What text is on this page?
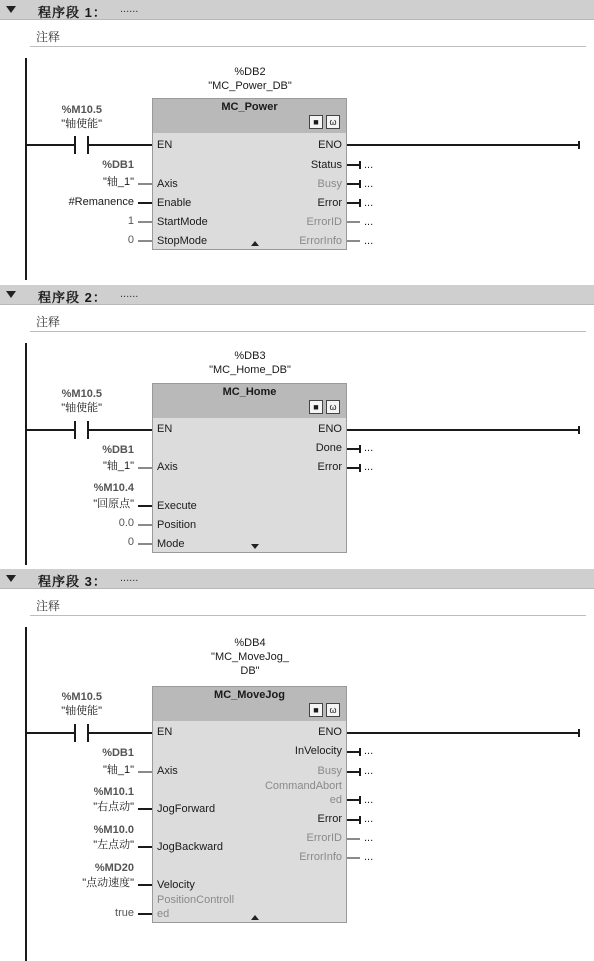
程序段 1： ......
注释
%DB2
"MC_Power_DB"
%M10.5
"轴使能"
MC_Power
■	ω
EN
Axis
Enable
StartMode
StopMode
%DB1
"轴_1"
#Remanence
1
0
ENO
Status ...
Busy ...
Error ...
ErrorID ...
ErrorInfo ...
程序段 2： ......
注释
%DB3
"MC_Home_DB"
%M10.5
"轴使能"
MC_Home
■	ω
EN
Axis
Execute
Position
Mode
%DB1
"轴_1"
%M10.4
"回原点"
0.0
0
ENO
Done ...
Error ...
程序段 3： ......
注释
%DB4
"MC_MoveJog_
DB"
%M10.5
"轴使能"
MC_MoveJog
■	ω
EN
Axis
JogForward
JogBackward
Velocity
PositionControll
ed
%DB1
"轴_1"
%M10.1
"右点动"
%M10.0
"左点动"
%MD20
"点动速度"
true
ENO
InVelocity ...
Busy ...
CommandAbort
ed ...
Error ...
ErrorID ...
ErrorInfo ...
